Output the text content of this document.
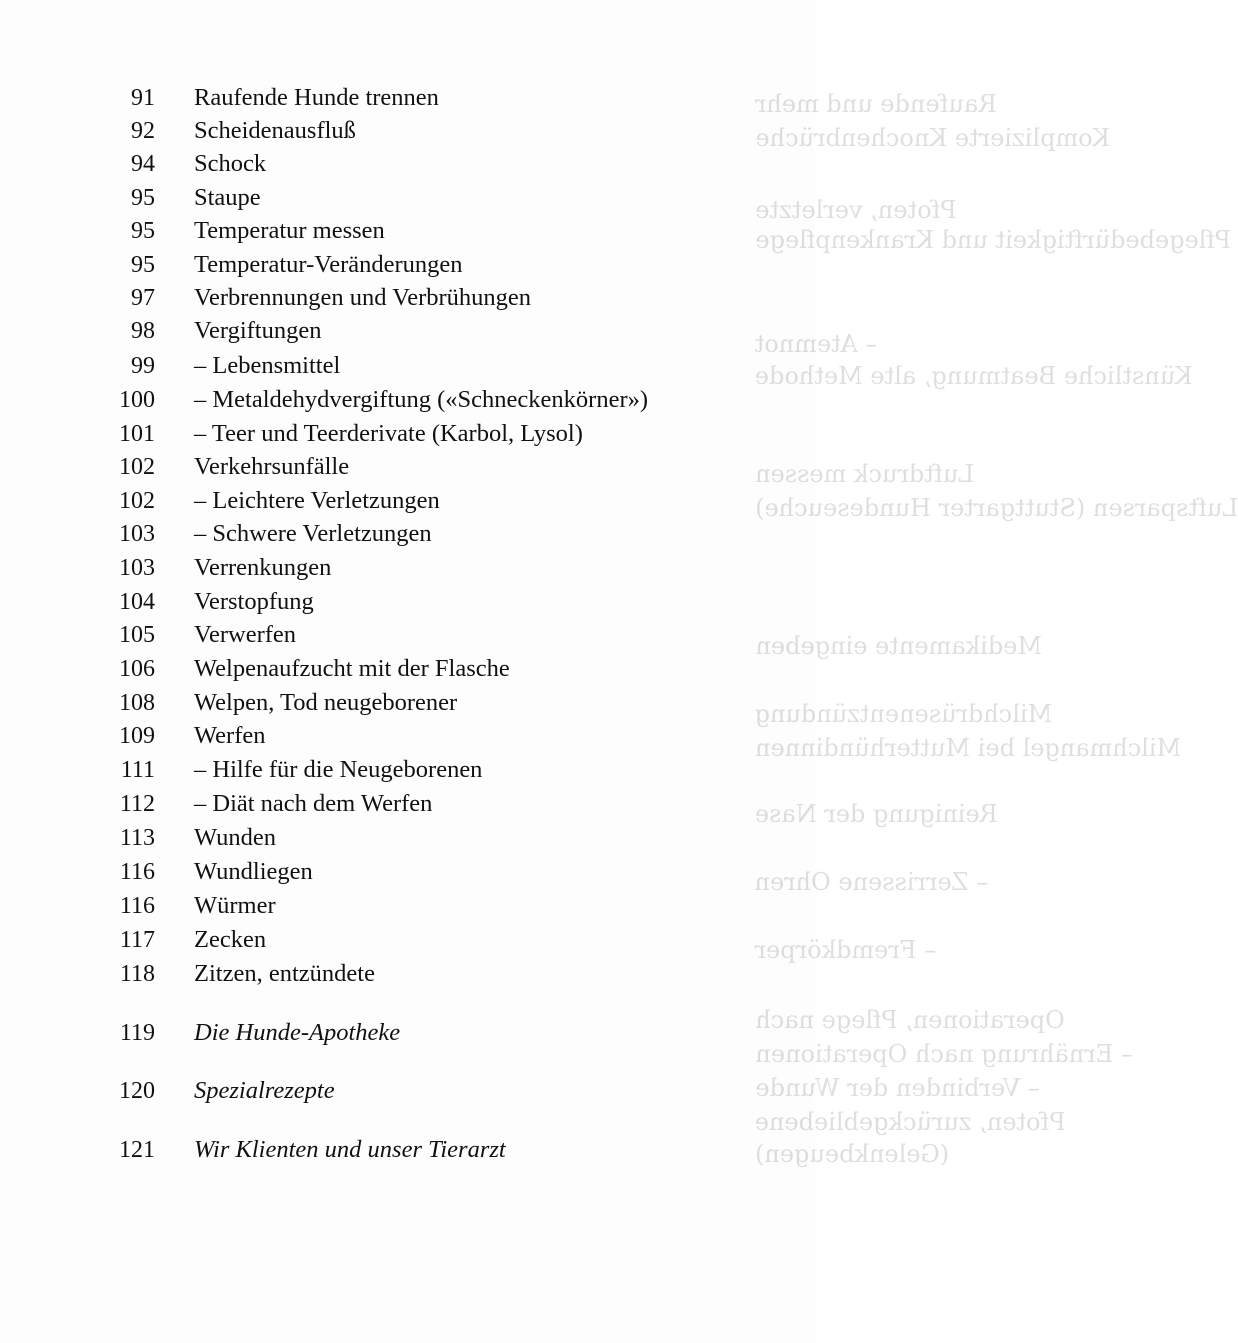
Raufende und mehr
Komplizierte Knochenbrüche
Pfoten, verletzte
Pflegebedürftigkeit und Krankenpflege
– Atemnot
Künstliche Beatmung, alte Methode
Luftdruck messen
Luftsparsen (Stuttgarter Hundeseuche)
Medikamente eingeben
Milchdrüsenentzündung
Milchmangel bei Mutterhündinnen
Reinigung der Nase
– Zerrissene Ohren
– Fremdkörper
Operationen, Pflege nach
– Ernährung nach Operationen
– Verbinden der Wunde
Pfoten, zurückgebliebene
(Gelenkbeugen)
91 Raufende Hunde trennen
92 Scheidenausfluß
94 Schock
95 Staupe
95 Temperatur messen
95 Temperatur-Veränderungen
97 Verbrennungen und Verbrühungen
98 Vergiftungen
99 – Lebensmittel
100 – Metaldehydvergiftung («Schneckenkörner»)
101 – Teer und Teerderivate (Karbol, Lysol)
102 Verkehrsunfälle
102 – Leichtere Verletzungen
103 – Schwere Verletzungen
103 Verrenkungen
104 Verstopfung
105 Verwerfen
106 Welpenaufzucht mit der Flasche
108 Welpen, Tod neugeborener
109 Werfen
111 – Hilfe für die Neugeborenen
112 – Diät nach dem Werfen
113 Wunden
116 Wundliegen
116 Würmer
117 Zecken
118 Zitzen, entzündete
119 Die Hunde-Apotheke
120 Spezialrezepte
121 Wir Klienten und unser Tierarzt
